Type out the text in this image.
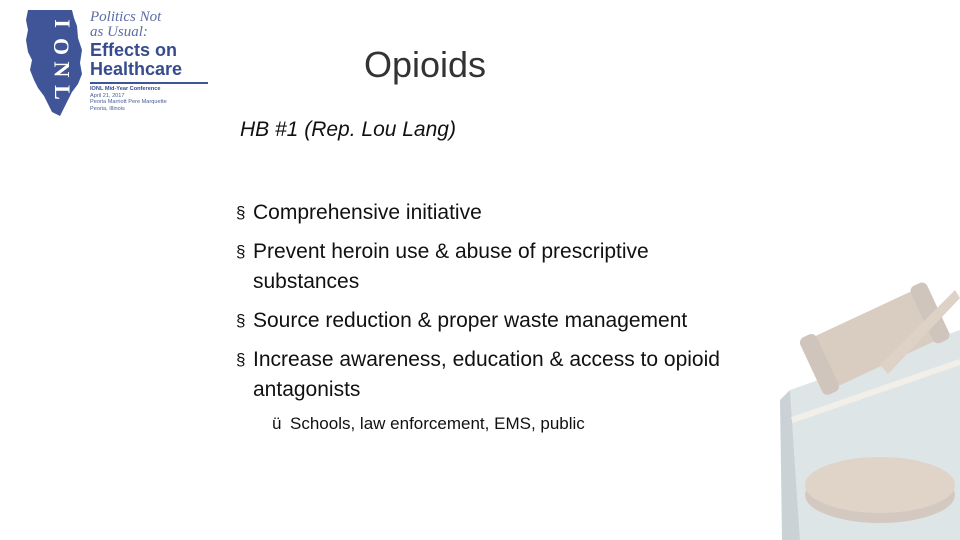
I
O
N
L
Politics Not
as Usual:
Effects on
Healthcare
IONL Mid-Year Conference
April 21, 2017
Peoria Marriott Pere Marquette
Peoria, Illinois
Opioids
HB #1 (Rep. Lou Lang)
§ Comprehensive initiative
§ Prevent heroin use & abuse of prescriptive substances
§ Source reduction & proper waste management
§ Increase awareness, education & access to opioid antagonists
ü Schools, law enforcement, EMS, public
